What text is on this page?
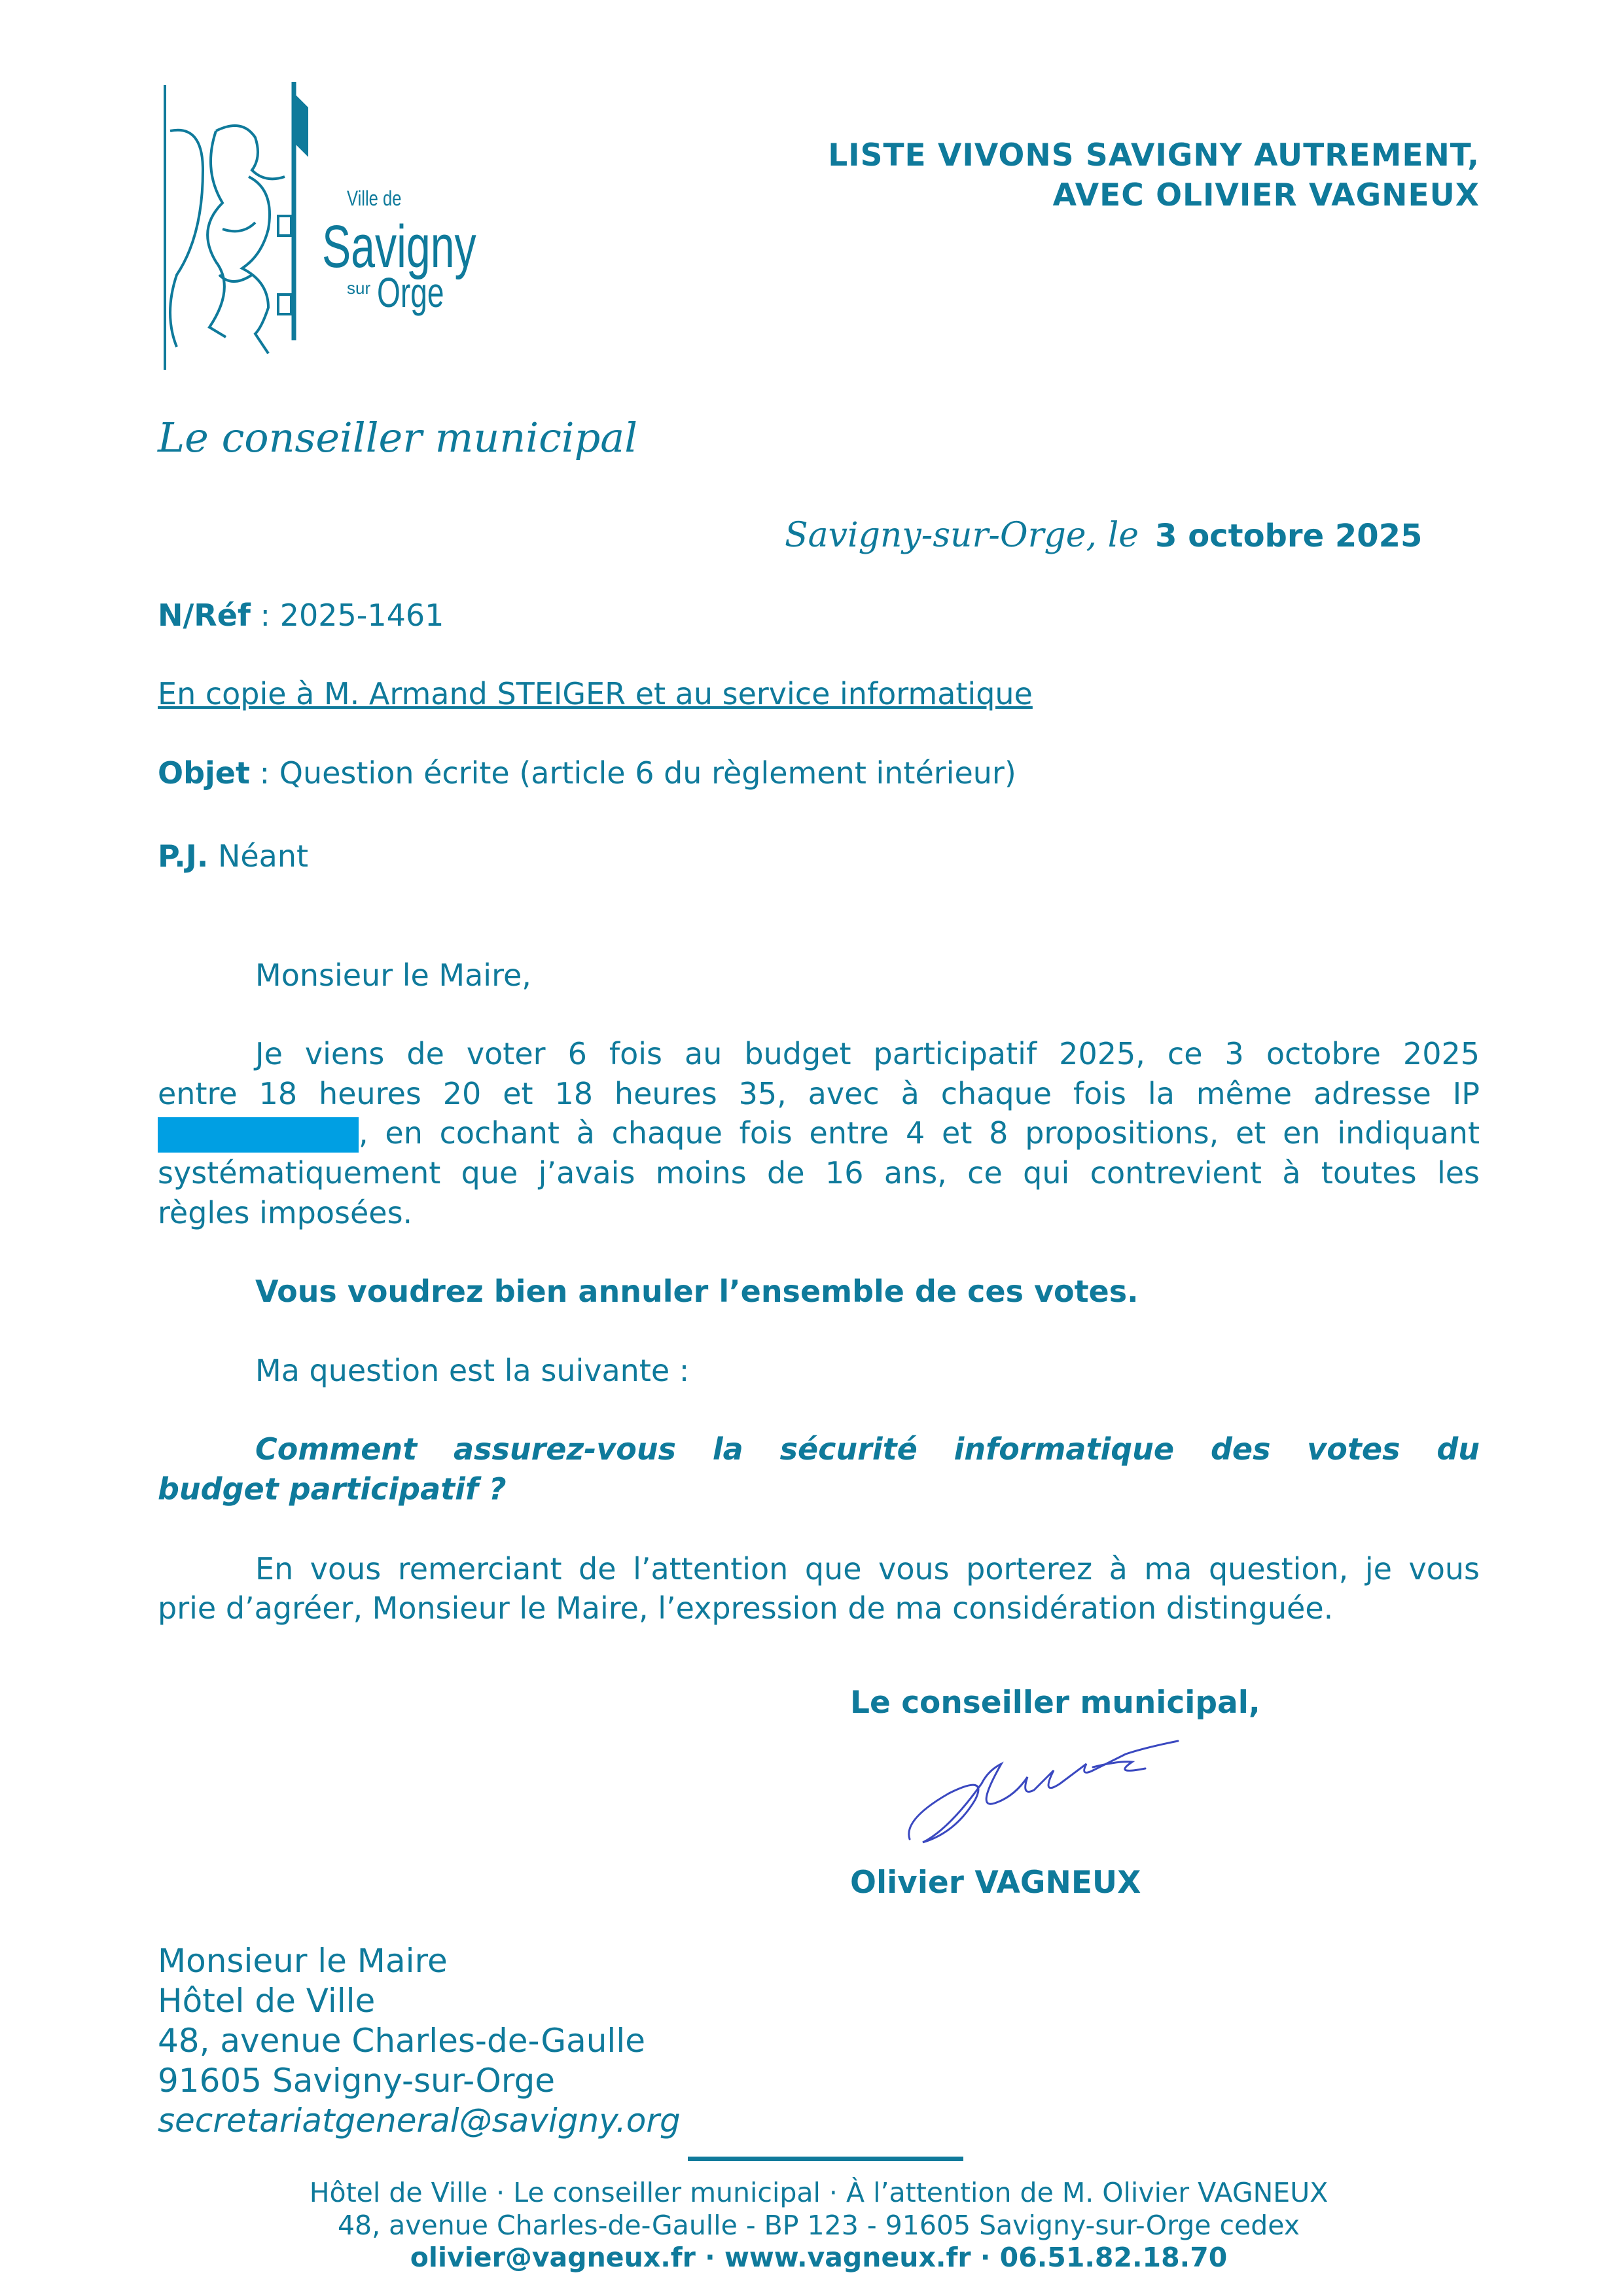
Ville de
Savigny
sur Orge
LISTE VIVONS SAVIGNY AUTREMENT,
AVEC OLIVIER VAGNEUX
Le conseiller municipal
Savigny-sur-Orge, le 3 octobre 2025
N/Réf : 2025-1461
En copie à M. Armand STEIGER et au service informatique
Objet : Question écrite (article 6 du règlement intérieur)
P.J. Néant
Monsieur le Maire,
Je viens de voter 6 fois au budget participatif 2025, ce 3 octobre 2025
entre 18 heures 20 et 18 heures 35, avec à chaque fois la même adresse IP
, en cochant à chaque fois entre 4 et 8 propositions, et en indiquant
systématiquement que j’avais moins de 16 ans, ce qui contrevient à toutes les
règles imposées.
Vous voudrez bien annuler l’ensemble de ces votes.
Ma question est la suivante :
Comment assurez-vous la sécurité informatique des votes du
budget participatif ?
En vous remerciant de l’attention que vous porterez à ma question, je vous
prie d’agréer, Monsieur le Maire, l’expression de ma considération distinguée.
Le conseiller municipal,
Olivier VAGNEUX
Monsieur le Maire
Hôtel de Ville
48, avenue Charles-de-Gaulle
91605 Savigny-sur-Orge
secretariatgeneral@savigny.org
Hôtel de Ville · Le conseiller municipal · À l’attention de M. Olivier VAGNEUX
48, avenue Charles-de-Gaulle - BP 123 - 91605 Savigny-sur-Orge cedex
olivier@vagneux.fr · www.vagneux.fr · 06.51.82.18.70
